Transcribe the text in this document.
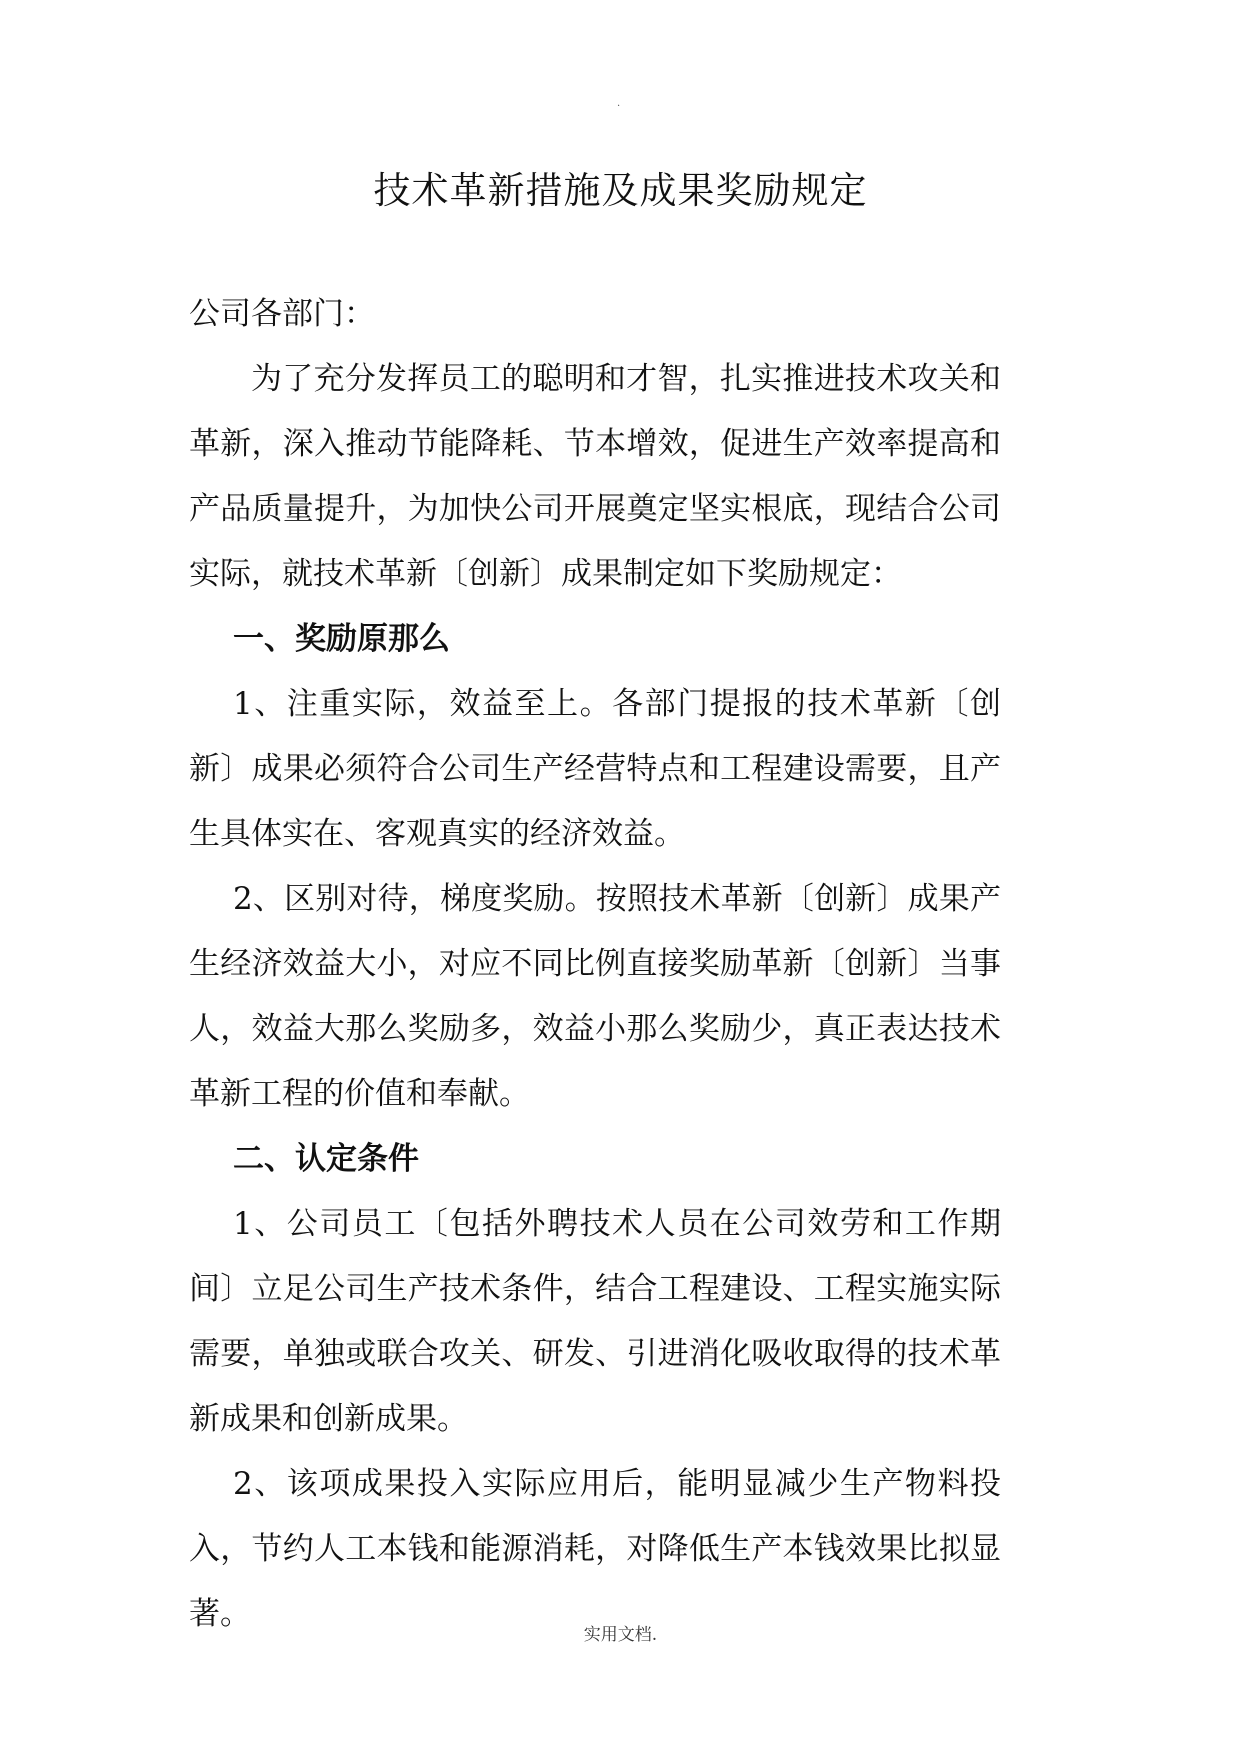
.
技术革新措施及成果奖励规定

公司各部门：

为了充分发挥员工的聪明和才智，扎实推进技术攻关和革新，深入推动节能降耗、节本增效，促进生产效率提高和产品质量提升，为加快公司开展奠定坚实根底，现结合公司实际，就技术革新〔创新〕成果制定如下奖励规定：

一、奖励原那么

1、注重实际，效益至上。各部门提报的技术革新〔创新〕成果必须符合公司生产经营特点和工程建设需要，且产生具体实在、客观真实的经济效益。

2、区别对待，梯度奖励。按照技术革新〔创新〕成果产生经济效益大小，对应不同比例直接奖励革新〔创新〕当事人，效益大那么奖励多，效益小那么奖励少，真正表达技术革新工程的价值和奉献。

二、认定条件

1、公司员工〔包括外聘技术人员在公司效劳和工作期间〕立足公司生产技术条件，结合工程建设、工程实施实际需要，单独或联合攻关、研发、引进消化吸收取得的技术革新成果和创新成果。

2、该项成果投入实际应用后，能明显减少生产物料投入，节约人工本钱和能源消耗，对降低生产本钱效果比拟显著。

实用文档.
